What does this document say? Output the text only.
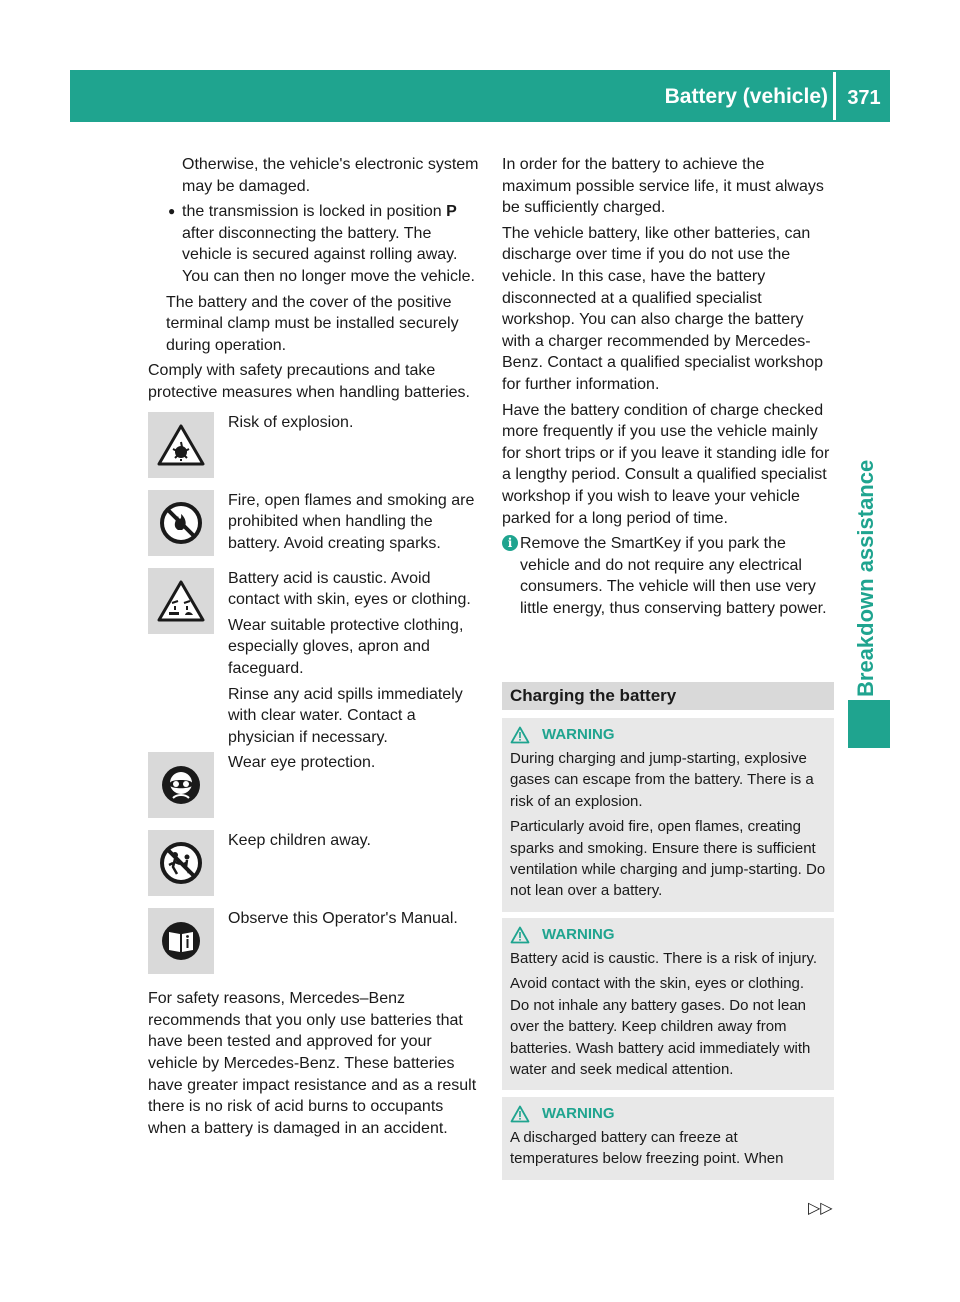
Battery (vehicle) 371
Breakdown assistance

Otherwise, the vehicle's electronic system may be damaged.

● the transmission is locked in position P after disconnecting the battery. The vehicle is secured against rolling away. You can then no longer move the vehicle.

The battery and the cover of the positive terminal clamp must be installed securely during operation.

Comply with safety precautions and take protective measures when handling batteries.

Risk of explosion.

Fire, open flames and smoking are prohibited when handling the battery. Avoid creating sparks.

Battery acid is caustic. Avoid contact with skin, eyes or clothing.

Wear suitable protective clothing, especially gloves, apron and faceguard.

Rinse any acid spills immediately with clear water. Contact a physician if necessary.

Wear eye protection.

Keep children away.

Observe this Operator's Manual.

For safety reasons, Mercedes–Benz recommends that you only use batteries that have been tested and approved for your vehicle by Mercedes-Benz. These batteries have greater impact resistance and as a result there is no risk of acid burns to occupants when a battery is damaged in an accident.

In order for the battery to achieve the maximum possible service life, it must always be sufficiently charged.

The vehicle battery, like other batteries, can discharge over time if you do not use the vehicle. In this case, have the battery disconnected at a qualified specialist workshop. You can also charge the battery with a charger recommended by Mercedes-Benz. Contact a qualified specialist workshop for further information.

Have the battery condition of charge checked more frequently if you use the vehicle mainly for short trips or if you leave it standing idle for a lengthy period. Consult a qualified specialist workshop if you wish to leave your vehicle parked for a long period of time.

i Remove the SmartKey if you park the vehicle and do not require any electrical consumers. The vehicle will then use very little energy, thus conserving battery power.

Charging the battery
WARNING

During charging and jump-starting, explosive gases can escape from the battery. There is a risk of an explosion.

Particularly avoid fire, open flames, creating sparks and smoking. Ensure there is sufficient ventilation while charging and jump-starting. Do not lean over a battery.

WARNING

Battery acid is caustic. There is a risk of injury.

Avoid contact with the skin, eyes or clothing. Do not inhale any battery gases. Do not lean over the battery. Keep children away from batteries. Wash battery acid immediately with water and seek medical attention.

WARNING

A discharged battery can freeze at temperatures below freezing point. When

▷▷
